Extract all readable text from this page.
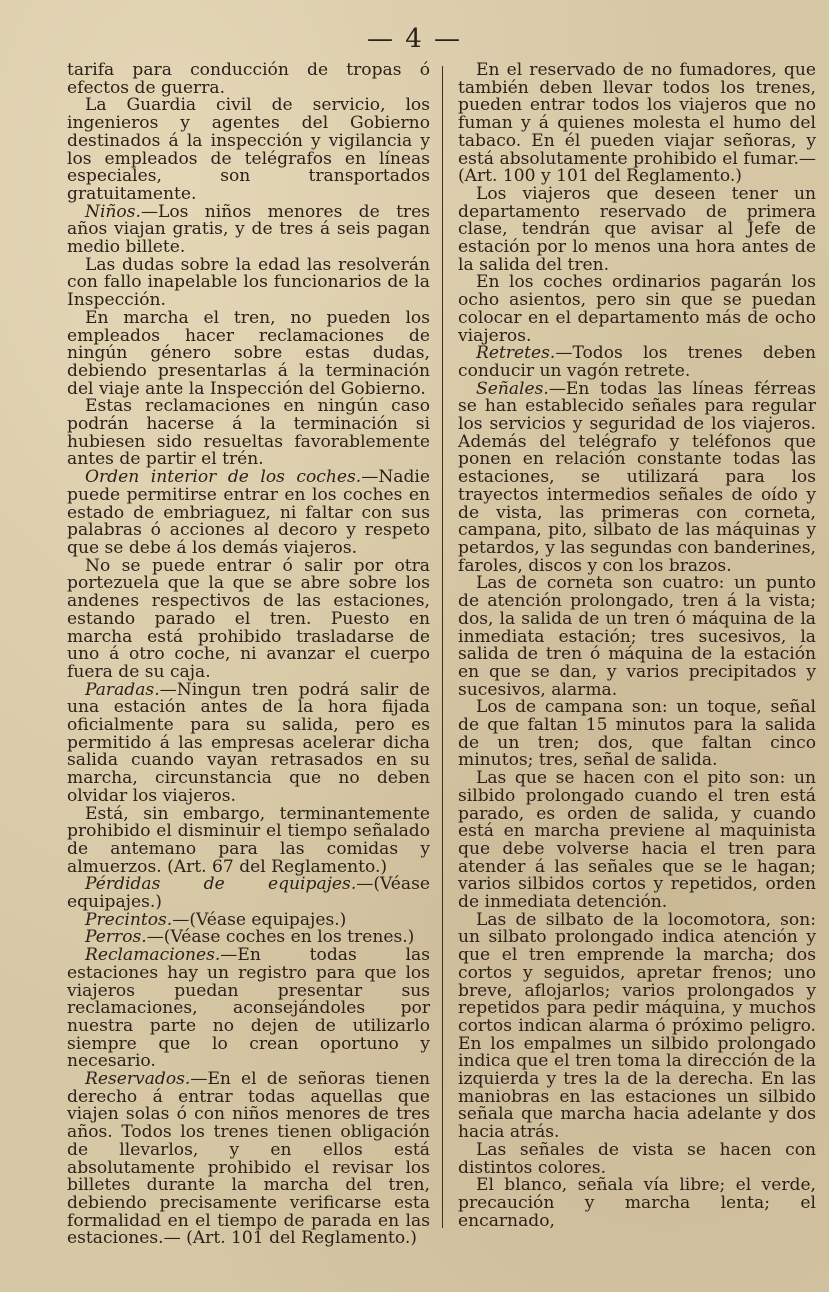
— 4 —

tarifa para conducción de tropas ó efectos de guerra.

La Guardia civil de servicio, los ingenieros y agentes del Gobierno destinados á la inspección y vigilancia y los empleados de telégrafos en líneas especiales, son transportados gratuitamente.

Niños.—Los niños menores de tres años viajan gratis, y de tres á seis pagan medio billete.

Las dudas sobre la edad las resolverán con fallo inapelable los funcionarios de la Inspección.

En marcha el tren, no pueden los empleados hacer reclamaciones de ningún género sobre estas dudas, debiendo presentarlas á la terminación del viaje ante la Inspección del Gobierno.

Estas reclamaciones en ningún caso podrán hacerse á la terminación si hubiesen sido resueltas favorablemente antes de partir el trén.

Orden interior de los coches.—Nadie puede permitirse entrar en los coches en estado de embriaguez, ni faltar con sus palabras ó acciones al decoro y respeto que se debe á los demás viajeros.

No se puede entrar ó salir por otra portezuela que la que se abre sobre los andenes respectivos de las estaciones, estando parado el tren. Puesto en marcha está prohibido trasladarse de uno á otro coche, ni avanzar el cuerpo fuera de su caja.

Paradas.—Ningun tren podrá salir de una estación antes de la hora fijada oficialmente para su salida, pero es permitido á las empresas acelerar dicha salida cuando vayan retrasados en su marcha, circunstancia que no deben olvidar los viajeros.

Está, sin embargo, terminantemente prohibido el disminuir el tiempo señalado de antemano para las comidas y almuerzos. (Art. 67 del Reglamento.)

Pérdidas de equipajes.—(Véase equipajes.)

Precintos.—(Véase equipajes.)

Perros.—(Véase coches en los trenes.)

Reclamaciones.—En todas las estaciones hay un registro para que los viajeros puedan presentar sus reclamaciones, aconsejándoles por nuestra parte no dejen de utilizarlo siempre que lo crean oportuno y necesario.

Reservados.—En el de señoras tienen derecho á entrar todas aquellas que viajen solas ó con niños menores de tres años. Todos los trenes tienen obligación de llevarlos, y en ellos está absolutamente prohibido el revisar los billetes durante la marcha del tren, debiendo precisamente verificarse esta formalidad en el tiempo de parada en las estaciones.— (Art. 101 del Reglamento.)

En el reservado de no fumadores, que también deben llevar todos los trenes, pueden entrar todos los viajeros que no fuman y á quienes molesta el humo del tabaco. En él pueden viajar señoras, y está absolutamente prohibido el fumar.— (Art. 100 y 101 del Reglamento.)

Los viajeros que deseen tener un departamento reservado de primera clase, tendrán que avisar al Jefe de estación por lo menos una hora antes de la salida del tren.

En los coches ordinarios pagarán los ocho asientos, pero sin que se puedan colocar en el departamento más de ocho viajeros.

Retretes.—Todos los trenes deben conducir un vagón retrete.

Señales.—En todas las líneas férreas se han establecido señales para regular los servicios y seguridad de los viajeros. Además del telégrafo y teléfonos que ponen en relación constante todas las estaciones, se utilizará para los trayectos intermedios señales de oído y de vista, las primeras con corneta, campana, pito, silbato de las máquinas y petardos, y las segundas con banderines, faroles, discos y con los brazos.

Las de corneta son cuatro: un punto de atención prolongado, tren á la vista; dos, la salida de un tren ó máquina de la inmediata estación; tres sucesivos, la salida de tren ó máquina de la estación en que se dan, y varios precipitados y sucesivos, alarma.

Los de campana son: un toque, señal de que faltan 15 minutos para la salida de un tren; dos, que faltan cinco minutos; tres, señal de salida.

Las que se hacen con el pito son: un silbido prolongado cuando el tren está parado, es orden de salida, y cuando está en marcha previene al maquinista que debe volverse hacia el tren para atender á las señales que se le hagan; varios silbidos cortos y repetidos, orden de inmediata detención.

Las de silbato de la locomotora, son: un silbato prolongado indica atención y que el tren emprende la marcha; dos cortos y seguidos, apretar frenos; uno breve, aflojarlos; varios prolongados y repetidos para pedir máquina, y muchos cortos indican alarma ó próximo peligro. En los empalmes un silbido prolongado indica que el tren toma la dirección de la izquierda y tres la de la derecha. En las maniobras en las estaciones un silbido señala que marcha hacia adelante y dos hacia atrás.

Las señales de vista se hacen con distintos colores.

El blanco, señala vía libre; el verde, precaución y marcha lenta; el encarnado,
